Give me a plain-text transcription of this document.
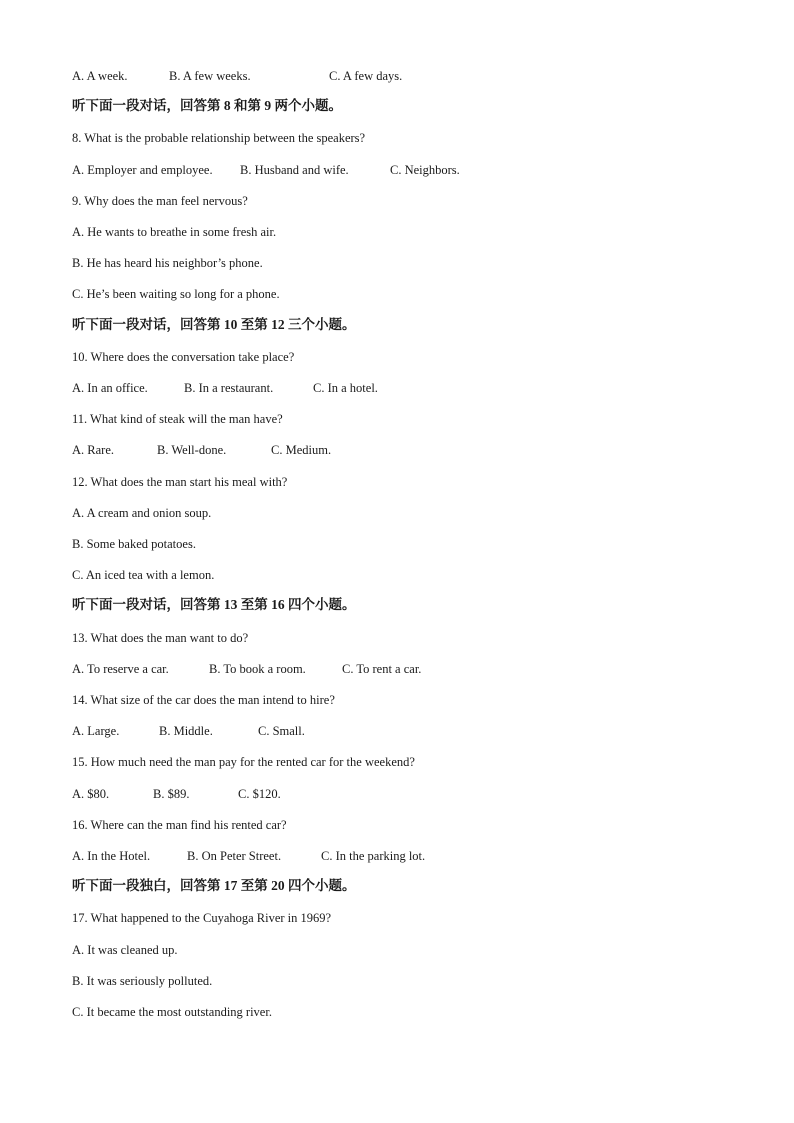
A. A week.	B. A few weeks.	C. A few days.
听下面一段对话，回答第 8 和第 9 两个小题。
8. What is the probable relationship between the speakers?
A. Employer and employee. B. Husband and wife.	C. Neighbors.
9. Why does the man feel nervous?
A. He wants to breathe in some fresh air.
B. He has heard his neighbor’s phone.
C. He’s been waiting so long for a phone.
听下面一段对话，回答第 10 至第 12 三个小题。
10. Where does the conversation take place?
A. In an office.	B. In a restaurant.	C. In a hotel.
11. What kind of steak will the man have?
A. Rare.	B. Well-done.	C. Medium.
12. What does the man start his meal with?
A. A cream and onion soup.
B. Some baked potatoes.
C. An iced tea with a lemon.
听下面一段对话，回答第 13 至第 16 四个小题。
13. What does the man want to do?
A. To reserve a car.	B. To book a room.	C. To rent a car.
14. What size of the car does the man intend to hire?
A. Large.	B. Middle.	C. Small.
15. How much need the man pay for the rented car for the weekend?
A. $80.	B. $89.	C. $120.
16. Where can the man find his rented car?
A. In the Hotel.	B. On Peter Street.	C. In the parking lot.
听下面一段独白，回答第 17 至第 20 四个小题。
17. What happened to the Cuyahoga River in 1969?
A. It was cleaned up.
B. It was seriously polluted.
C. It became the most outstanding river.
